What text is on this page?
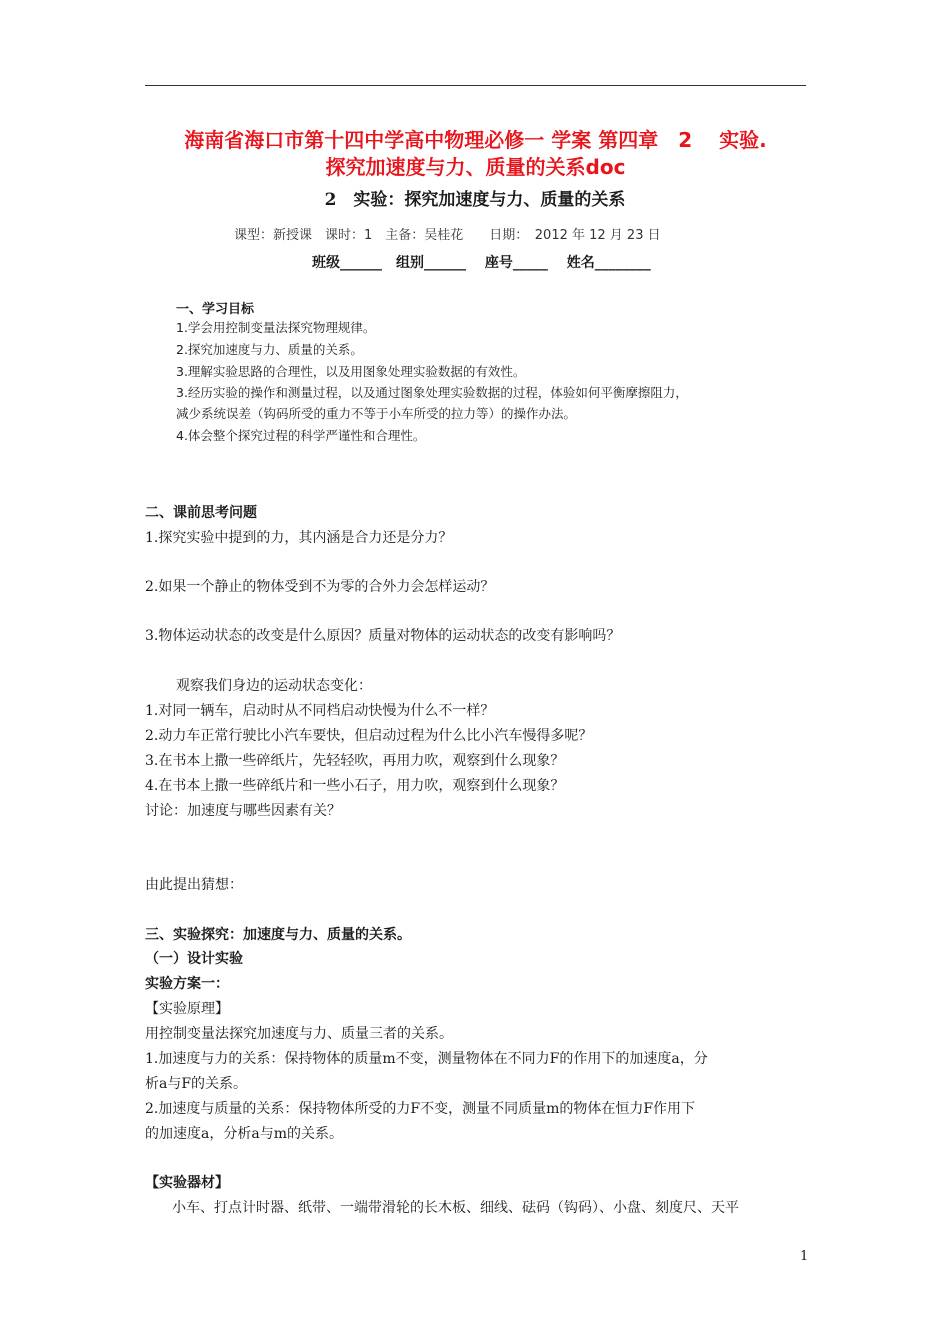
海南省海口市第十四中学高中物理必修一 学案 第四章　2　 实验.
探究加速度与力、质量的关系doc
2　实验：探究加速度与力、质量的关系
课型：新授课　课时：1　主备：吴桂花　　日期：　2012 年 12 月 23 日
班级______　组别______　 座号_____　 姓名________
一、学习目标
1.学会用控制变量法探究物理规律。
2.探究加速度与力、质量的关系。
3.理解实验思路的合理性，以及用图象处理实验数据的有效性。
3.经历实验的操作和测量过程，以及通过图象处理实验数据的过程，体验如何平衡摩擦阻力，
减少系统误差（钩码所受的重力不等于小车所受的拉力等）的操作办法。
4.体会整个探究过程的科学严谨性和合理性。
二、课前思考问题
1.探究实验中提到的力，其内涵是合力还是分力？
2.如果一个静止的物体受到不为零的合外力会怎样运动？
3.物体运动状态的改变是什么原因？质量对物体的运动状态的改变有影响吗？
观察我们身边的运动状态变化：
1.对同一辆车，启动时从不同档启动快慢为什么不一样？
2.动力车正常行驶比小汽车要快，但启动过程为什么比小汽车慢得多呢？
3.在书本上撒一些碎纸片，先轻轻吹，再用力吹，观察到什么现象？
4.在书本上撒一些碎纸片和一些小石子，用力吹，观察到什么现象？
讨论：加速度与哪些因素有关？
由此提出猜想：
三、实验探究：加速度与力、质量的关系。
（一）设计实验
实验方案一：
【实验原理】
用控制变量法探究加速度与力、质量三者的关系。
1.加速度与力的关系：保持物体的质量m不变，测量物体在不同力F的作用下的加速度a，分
析a与F的关系。
2.加速度与质量的关系：保持物体所受的力F不变，测量不同质量m的物体在恒力F作用下
的加速度a，分析a与m的关系。
【实验器材】
小车、打点计时器、纸带、一端带滑轮的长木板、细线、砝码（钩码）、小盘、刻度尺、天平
1
